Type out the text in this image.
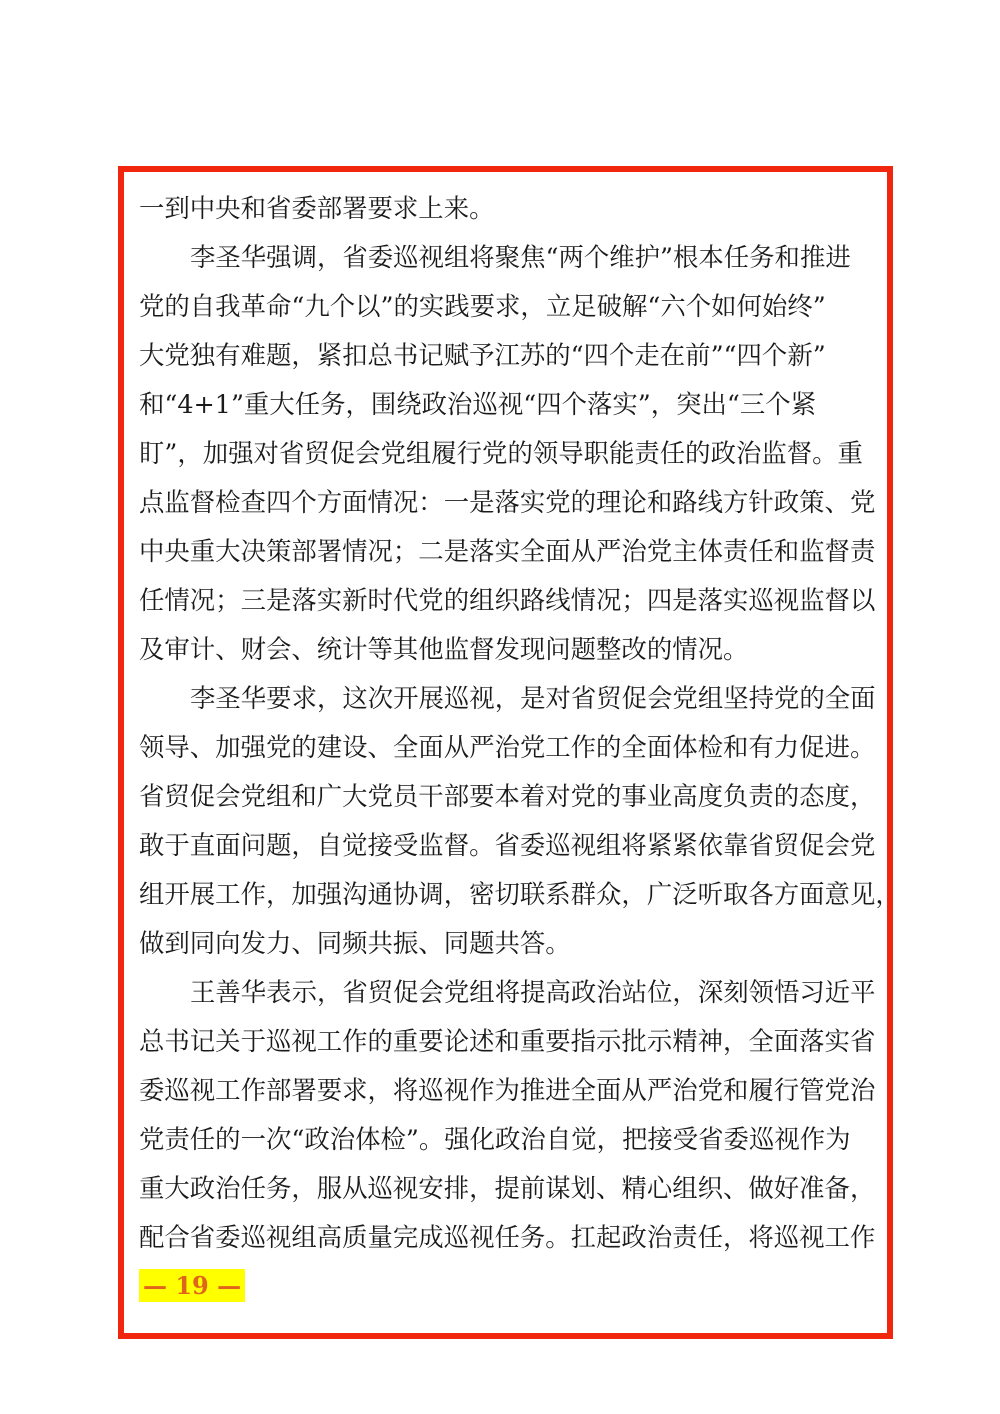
一到中央和省委部署要求上来。
李圣华强调，省委巡视组将聚焦“两个维护”根本任务和推进
党的自我革命“九个以”的实践要求，立足破解“六个如何始终”
大党独有难题，紧扣总书记赋予江苏的“四个走在前”“四个新”
和“4+1”重大任务，围绕政治巡视“四个落实”，突出“三个紧
盯”，加强对省贸促会党组履行党的领导职能责任的政治监督。重
点监督检查四个方面情况：一是落实党的理论和路线方针政策、党
中央重大决策部署情况；二是落实全面从严治党主体责任和监督责
任情况；三是落实新时代党的组织路线情况；四是落实巡视监督以
及审计、财会、统计等其他监督发现问题整改的情况。
李圣华要求，这次开展巡视，是对省贸促会党组坚持党的全面
领导、加强党的建设、全面从严治党工作的全面体检和有力促进。
省贸促会党组和广大党员干部要本着对党的事业高度负责的态度，
敢于直面问题，自觉接受监督。省委巡视组将紧紧依靠省贸促会党
组开展工作，加强沟通协调，密切联系群众，广泛听取各方面意见，
做到同向发力、同频共振、同题共答。
王善华表示，省贸促会党组将提高政治站位，深刻领悟习近平
总书记关于巡视工作的重要论述和重要指示批示精神，全面落实省
委巡视工作部署要求，将巡视作为推进全面从严治党和履行管党治
党责任的一次“政治体检”。强化政治自觉，把接受省委巡视作为
重大政治任务，服从巡视安排，提前谋划、精心组织、做好准备，
配合省委巡视组高质量完成巡视任务。扛起政治责任，将巡视工作
— 19 —
